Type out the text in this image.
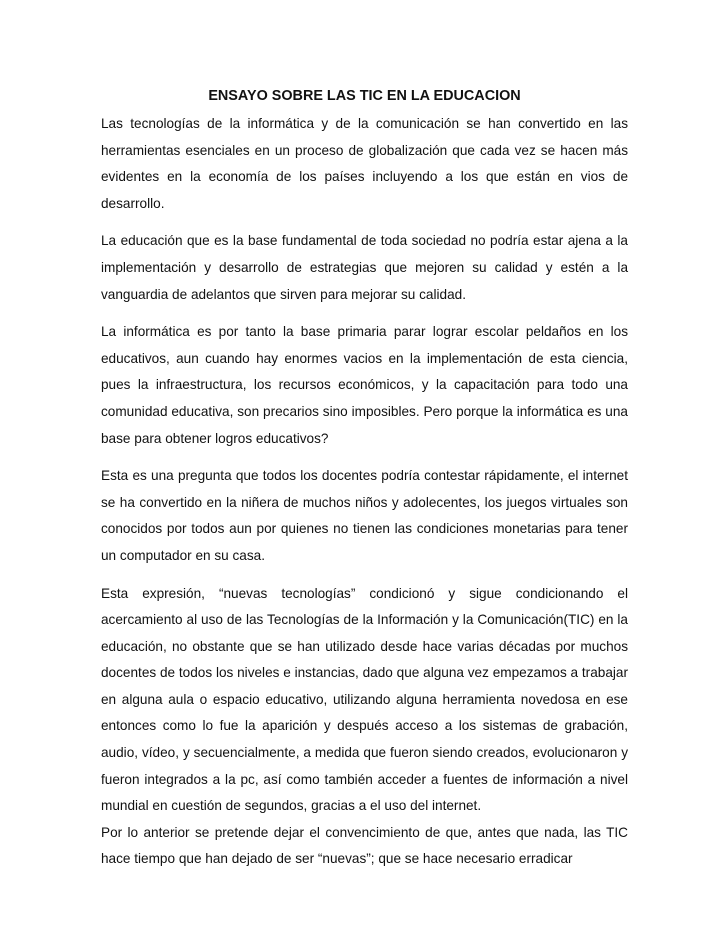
ENSAYO SOBRE LAS TIC EN LA EDUCACION

Las tecnologías de la informática y de la comunicación se han convertido en las herramientas esenciales en un proceso de globalización que cada vez se hacen más evidentes en la economía de los países incluyendo a los que están en vios de desarrollo.

La educación que es la base fundamental de toda sociedad no podría estar ajena a la implementación y desarrollo de estrategias que mejoren su calidad y estén a la vanguardia de adelantos que sirven para mejorar su calidad.

La informática es por tanto la base primaria parar lograr escolar peldaños en los educativos, aun cuando hay enormes vacios en la implementación de esta ciencia, pues la infraestructura, los recursos económicos, y la capacitación para todo una comunidad educativa, son precarios sino imposibles. Pero porque la informática es una base para obtener logros educativos?

Esta es una pregunta que todos los docentes podría contestar rápidamente, el internet se ha convertido en la niñera de muchos niños y adolecentes, los juegos virtuales son conocidos por todos aun por quienes no tienen las condiciones monetarias para tener un computador en su casa.

Esta expresión, “nuevas tecnologías” condicionó y sigue condicionando el acercamiento al uso de las Tecnologías de la Información y la Comunicación(TIC) en la educación, no obstante que se han utilizado desde hace varias décadas por muchos docentes de todos los niveles e instancias, dado que alguna vez empezamos a trabajar en alguna aula o espacio educativo, utilizando alguna herramienta novedosa en ese entonces como lo fue la aparición y después acceso a los sistemas de grabación, audio, vídeo, y secuencialmente, a medida que fueron siendo creados, evolucionaron y fueron integrados a la pc, así como también acceder a fuentes de información a nivel mundial en cuestión de segundos, gracias a el uso del internet.

Por lo anterior se pretende dejar el convencimiento de que, antes que nada, las TIC hace tiempo que han dejado de ser “nuevas”; que se hace necesario erradicar
